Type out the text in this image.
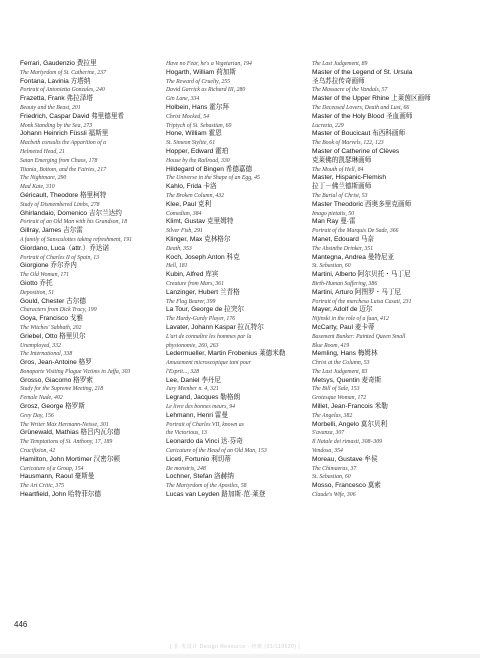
Ferrari, Gaudenzio 费拉里
The Martyrdom of St. Catherine, 237
Fontana, Lavinia 方塔纳
Portrait of Antonietta Gonzales, 240
Frazetta, Frank 弗拉泽塔
Beauty and the Beast, 201
Friedrich, Caspar David 弗里德里希
Monk Standing by the Sea, 273
Johann Heinrich Füssli 福斯里
Macbeth consults the Apparition of a
Helmeted Head, 21
Satan Emerging from Chaos, 178
Titania, Bottom, and the Fairies, 217
The Nightmare, 290
Mad Kate, 310
Géricault, Theodore 格里柯特
Study of Dismembered Limbs, 278
Ghirlandaio, Domenico 吉尔兰达约
Portrait of an Old Man with his Grandson, 18
Gillray, James 吉尔雷
A family of Sansculottes taking refreshment, 191
Giordano, Luca（attr.）乔达诺
Portrait of Charles II of Spain, 13
Giorgione 乔尔乔内
The Old Woman, 171
Giotto 乔托
Deposition, 51
Gould, Chester 古尔德
Characters from Dick Tracy, 199
Goya, Francisco 戈雅
The Witches' Sabbath, 202
Griebel, Otto 格里贝尔
Unemployed, 332
The International, 338
Gros, Jean-Antoine 格罗
Bonaparte Visiting Plague Victims in Jaffa, 303
Grosso, Giacomo 格罗索
Study for the Supreme Meeting, 218
Female Nude, 402
Grosz, George 格罗斯
Grey Day, 156
The Writer Max Hermann-Neisse, 301
Grünewald, Mathias 格吕内瓦尔德
The Temptations of St. Anthony, 17, 189
Crucifixion, 42
Hamilton, John Mortimer 汉密尔顿
Caricature of a Group, 154
Hausmann, Raoul 豪斯曼
The Art Critic, 375
Heartfield, John 哈特菲尔德
Have no Fear, he's a Vegetarian, 194
Hogarth, William 荷加斯
The Reward of Cruelty, 255
David Garrick as Richard III, 280
Gin Lane, 334
Holbein, Hans 霍尔拜
Christ Mocked, 54
Triptych of St. Sebastian, 60
Hone, William 霍恩
St. Simeon Stylite, 61
Hopper, Edward 霍珀
House by the Railroad, 330
Hildegard of Bingen 希德嘉德
The Universe in the Shape of an Egg, 45
Kahlo, Frida 卡洛
The Broken Column, 432
Klee, Paul 克利
Comedian, 384
Klimt, Gustav 克里姆特
Silver Fish, 291
Klinger, Max 克林格尔
Death, 353
Koch, Joseph Anton 科克
Hell, 181
Kubin, Alfred 库宾
Creature from Mars, 361
Lanzinger, Hubert 兰青格
The Flag Bearer, 399
La Tour, George de 拉突尔
The Hurdy-Gurdy Player, 176
Lavater, Johann Kaspar 拉瓦特尔
L'art de connaître les hommes par la
physionomie, 260, 263
Ledermueller, Martin Frobenius 莱德米勒
Amusement microscopique tant pour
l'Esprit..., 328
Lee, Daniel 李丹尼
Jury Member n. 4, 321
Legrand, Jacques 勒格朗
Le livre des bonnes meurs, 94
Lehmann, Henri 雷曼
Portrait of Charles VII, known as
the Victorious, 13
Leonardo da Vinci 达·芬奇
Caricature of the Head of an Old Man, 153
Liceti, Fortunio 利切蒂
De monstris, 248
Lochner, Stefan 洛赫纳
The Martyrdom of the Apostles, 58
Lucas van Leyden 路加斯·范·莱登
The Last Judgement, 89
Master of the Legend of St. Ursula
圣乌苏拉传奇画师
The Massacre of the Vandals, 57
Master of the Upper Rhine 上莱茵区画师
The Deceased Lovers, Death and Lust, 66
Master of the Holy Blood 圣血画师
Lucrezia, 229
Master of Boucicaut 布西科画师
The Book of Marvels, 122, 123
Master of Catherine of Clèves
克莱佛的凯瑟琳画师
The Mouth of Hell, 84
Master, Hispanic-Flemish
拉丁－佛兰德斯画师
The Burial of Christ, 53
Master Theodoric 西奥多里克画师
Imago pietatis, 50
Man Ray 曼·雷
Portrait of the Marquis De Sade, 366
Manet, Edouard 马奈
The Absinthe Drinker, 351
Mantegna, Andrea 曼特尼亚
St. Sebastian, 60
Martini, Alberto 阿尔贝托・马丁尼
Birth-Human Suffering, 386
Martini, Arturo 阿图罗・马丁尼
Portrait of the marchesa Luisa Casati, 231
Mayer, Adolf de 迈尔
Nijinski in the role of a faun, 412
McCarty, Paul 麦卡蒂
Basement Bunker: Painted Queen Small
Blue Room, 419
Memling, Hans 梅姆林
Christ at the Column, 53
The Last Judgement, 83
Metsys, Quentin 麦奇斯
The Bill of Sale, 153
Grotesque Woman, 172
Millet, Jean-Francois 米勒
The Angelus, 382
Morbelli, Angelo 莫尔贝利
S'avanza, 307
Il Natale dei rimasti, 308–309
Vendosa, 354
Moreau, Gustave 牟侯
The Chimaeras, 37
St. Sebastian, 60
Mosso, Francesco 莫索
Claude's Wife, 306
446
| 非·发设计 Design Resource · 经典 (01/110520) |
